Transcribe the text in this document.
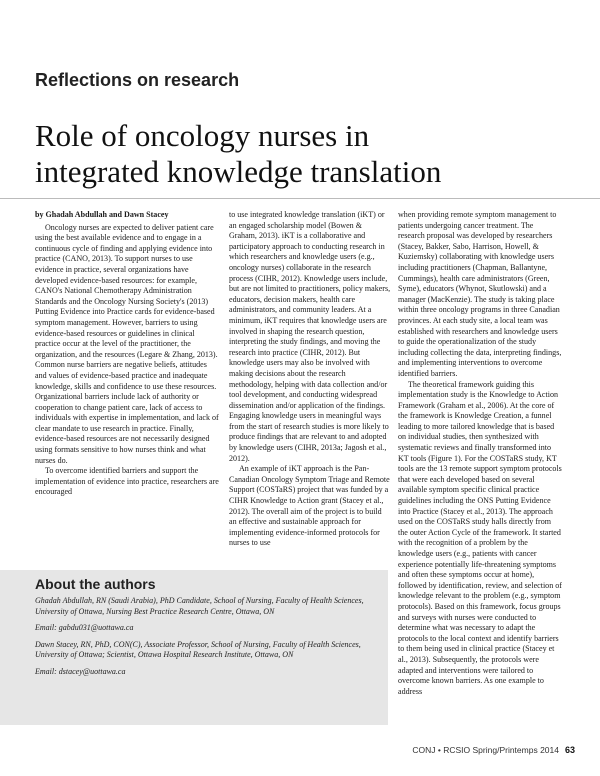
Reflections on research
Role of oncology nurses in
integrated knowledge translation

by Ghadah Abdullah and Dawn Stacey

Oncology nurses are expected to deliver patient care using the best available evidence and to engage in a continuous cycle of finding and applying evidence into practice (CANO, 2013). To support nurses to use evidence in practice, several organizations have developed evidence-based resources: for example, CANO's National Chemotherapy Administration Standards and the Oncology Nursing Society's (2013) Putting Evidence into Practice cards for evidence-based symptom management. However, barriers to using evidence-based resources or guidelines in clinical practice occur at the level of the practitioner, the organization, and the resources (Legare & Zhang, 2013). Common nurse barriers are negative beliefs, attitudes and values of evidence-based practice and inadequate knowledge, skills and confidence to use these resources. Organizational barriers include lack of authority or cooperation to change patient care, lack of access to individuals with expertise in implementation, and lack of clear mandate to use research in practice. Finally, evidence-based resources are not necessarily designed using formats sensitive to how nurses think and what nurses do.

To overcome identified barriers and support the implementation of evidence into practice, researchers are encouraged

to use integrated knowledge translation (iKT) or an engaged scholarship model (Bowen & Graham, 2013). iKT is a collaborative and participatory approach to conducting research in which researchers and knowledge users (e.g., oncology nurses) collaborate in the research process (CIHR, 2012). Knowledge users include, but are not limited to practitioners, policy makers, educators, decision makers, health care administrators, and community leaders. At a minimum, iKT requires that knowledge users are involved in shaping the research question, interpreting the study findings, and moving the research into practice (CIHR, 2012). But knowledge users may also be involved with making decisions about the research methodology, helping with data collection and/or tool development, and conducting widespread dissemination and/or application of the findings. Engaging knowledge users in meaningful ways from the start of research studies is more likely to produce findings that are relevant to and adopted by knowledge users (CIHR, 2013a; Jagosh et al., 2012).

An example of iKT approach is the Pan-Canadian Oncology Symptom Triage and Remote Support (COSTaRS) project that was funded by a CIHR Knowledge to Action grant (Stacey et al., 2012). The overall aim of the project is to build an effective and sustainable approach for implementing evidence-informed protocols for nurses to use

when providing remote symptom management to patients undergoing cancer treatment. The research proposal was developed by researchers (Stacey, Bakker, Sabo, Harrison, Howell, & Kuziemsky) collaborating with knowledge users including practitioners (Chapman, Ballantyne, Cummings), health care administrators (Green, Syme), educators (Whynot, Skutlowski) and a manager (MacKenzie). The study is taking place within three oncology programs in three Canadian provinces. At each study site, a local team was established with researchers and knowledge users to guide the operationalization of the study including collecting the data, interpreting findings, and implementing interventions to overcome identified barriers.

The theoretical framework guiding this implementation study is the Knowledge to Action Framework (Graham et al., 2006). At the core of the framework is Knowledge Creation, a funnel leading to more tailored knowledge that is based on individual studies, then synthesized with systematic reviews and finally transformed into KT tools (Figure 1). For the COSTaRS study, KT tools are the 13 remote support symptom protocols that were each developed based on several available symptom specific clinical practice guidelines including the ONS Putting Evidence into Practice (Stacey et al., 2013). The approach used on the COSTaRS study halls directly from the outer Action Cycle of the framework. It started with the recognition of a problem by the knowledge users (e.g., patients with cancer experience potentially life-threatening symptoms and often these symptoms occur at home), followed by identification, review, and selection of knowledge relevant to the problem (e.g., symptom protocols). Based on this framework, focus groups and surveys with nurses were conducted to determine what was necessary to adapt the protocols to the local context and identify barriers to them being used in clinical practice (Stacey et al., 2013). Subsequently, the protocols were adapted and interventions were tailored to overcome known barriers. As one example to address

About the authors

Ghadah Abdullah, RN (Saudi Arabia), PhD Candidate, School of Nursing, Faculty of Health Sciences, University of Ottawa, Nursing Best Practice Research Centre, Ottawa, ON

Email: gabdu031@uottawa.ca

Dawn Stacey, RN, PhD, CON(C), Associate Professor, School of Nursing, Faculty of Health Sciences, University of Ottawa; Scientist, Ottawa Hospital Research Institute, Ottawa, ON

Email: dstacey@uottawa.ca

CONJ • RCSIO Spring/Printemps 2014 63
